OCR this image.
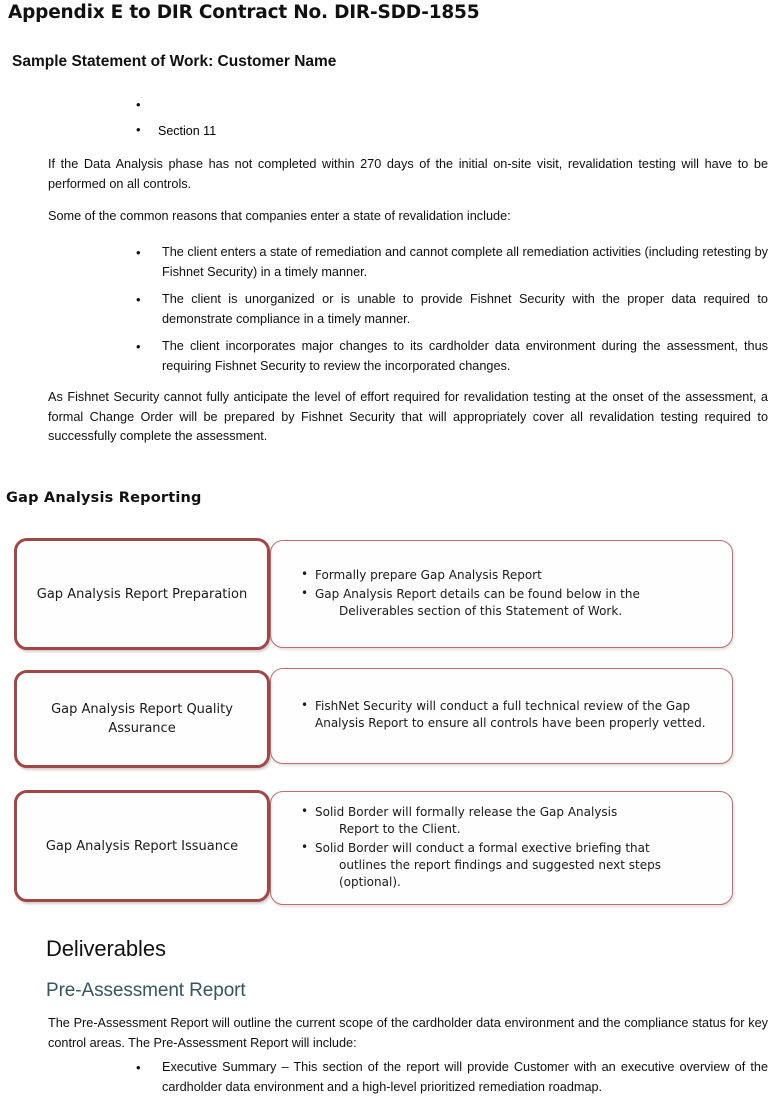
Appendix E to DIR Contract No. DIR-SDD-1855
Sample Statement of Work: Customer Name
•
• Section 11
If the Data Analysis phase has not completed within 270 days of the initial on-site visit, revalidation testing will have to be performed on all controls.
Some of the common reasons that companies enter a state of revalidation include:
• The client enters a state of remediation and cannot complete all remediation activities (including retesting by Fishnet Security) in a timely manner.
• The client is unorganized or is unable to provide Fishnet Security with the proper data required to demonstrate compliance in a timely manner.
• The client incorporates major changes to its cardholder data environment during the assessment, thus requiring Fishnet Security to review the incorporated changes.
As Fishnet Security cannot fully anticipate the level of effort required for revalidation testing at the onset of the assessment, a formal Change Order will be prepared by Fishnet Security that will appropriately cover all revalidation testing required to successfully complete the assessment.
Gap Analysis Reporting
Gap Analysis Report Preparation
• Formally prepare Gap Analysis Report
• Gap Analysis Report details can be found below in the
Deliverables section of this Statement of Work.
Gap Analysis Report Quality Assurance
• FishNet Security will conduct a full technical review of the Gap Analysis Report to ensure all controls have been properly vetted.
Gap Analysis Report Issuance
• Solid Border will formally release the Gap Analysis
Report to the Client.
• Solid Border will conduct a formal exective briefing that
outlines the report findings and suggested next steps (optional).
Deliverables
Pre-Assessment Report
The Pre-Assessment Report will outline the current scope of the cardholder data environment and the compliance status for key control areas. The Pre-Assessment Report will include:
• Executive Summary – This section of the report will provide Customer with an executive overview of the cardholder data environment and a high-level prioritized remediation roadmap.
